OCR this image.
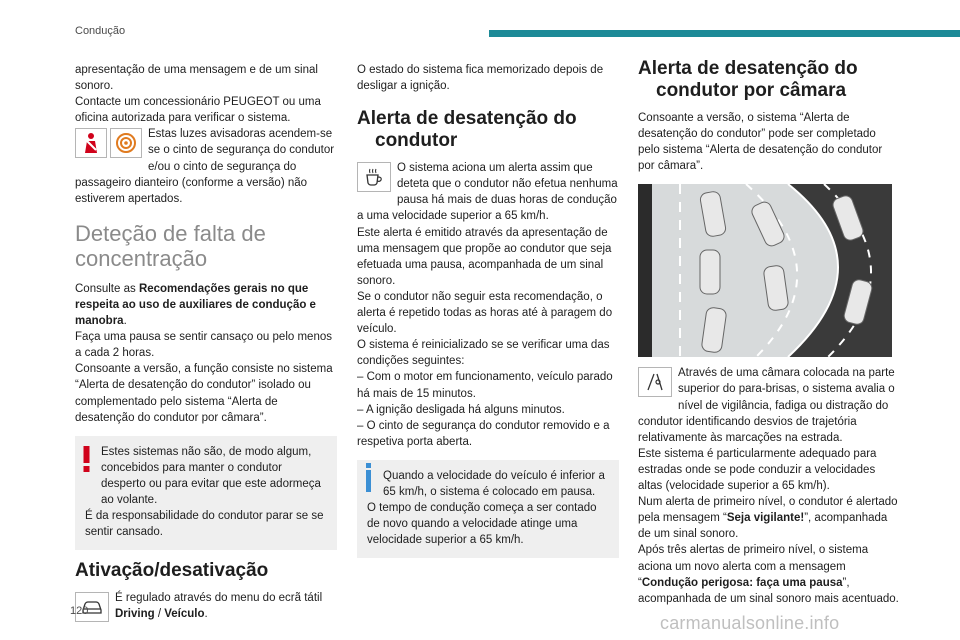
Condução

apresentação de uma mensagem e de um sinal sonoro.

Contacte um concessionário PEUGEOT ou uma oficina autorizada para verificar o sistema.

Estas luzes avisadoras acendem-se se o cinto de segurança do condutor e/ou o cinto de segurança do passageiro dianteiro (conforme a versão) não estiverem apertados.

Deteção de falta de concentração

Consulte as Recomendações gerais no que respeita ao uso de auxiliares de condução e manobra.

Faça uma pausa se sentir cansaço ou pelo menos a cada 2 horas.

Consoante a versão, a função consiste no sistema “Alerta de desatenção do condutor” isolado ou complementado pelo sistema “Alerta de desatenção do condutor por câmara”.

Estes sistemas não são, de modo algum, concebidos para manter o condutor desperto ou para evitar que este adormeça ao volante.

É da responsabilidade do condutor parar se se sentir cansado.

Ativação/desativação

É regulado através do menu do ecrã tátil

Driving / Veículo.

O estado do sistema fica memorizado depois de desligar a ignição.

Alerta de desatenção do
condutor

O sistema aciona um alerta assim que deteta que o condutor não efetua nenhuma pausa há mais de duas horas de condução a uma velocidade superior a 65 km/h.

Este alerta é emitido através da apresentação de uma mensagem que propõe ao condutor que seja efetuada uma pausa, acompanhada de um sinal sonoro.

Se o condutor não seguir esta recomendação, o alerta é repetido todas as horas até à paragem do veículo.

O sistema é reinicializado se se verificar uma das condições seguintes:

– Com o motor em funcionamento, veículo parado há mais de 15 minutos.

– A ignição desligada há alguns minutos.

– O cinto de segurança do condutor removido e a respetiva porta aberta.

Quando a velocidade do veículo é inferior a 65 km/h, o sistema é colocado em pausa.

O tempo de condução começa a ser contado de novo quando a velocidade atinge uma velocidade superior a 65 km/h.

Alerta de desatenção do
condutor por câmara

Consoante a versão, o sistema “Alerta de desatenção do condutor” pode ser completado pelo sistema “Alerta de desatenção do condutor por câmara”.

Através de uma câmara colocada na parte superior do para-brisas, o sistema avalia o nível de vigilância, fadiga ou distração do condutor identificando desvios de trajetória relativamente às marcações na estrada.

Este sistema é particularmente adequado para estradas onde se pode conduzir a velocidades altas (velocidade superior a 65 km/h).

Num alerta de primeiro nível, o condutor é alertado pela mensagem “Seja vigilante!”, acompanhada de um sinal sonoro.

Após três alertas de primeiro nível, o sistema aciona um novo alerta com a mensagem “Condução perigosa: faça uma pausa”, acompanhada de um sinal sonoro mais acentuado.

120
carmanualsonline.info
